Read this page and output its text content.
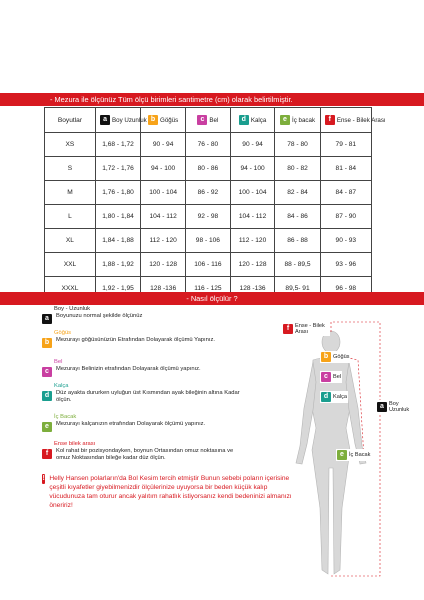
- Mezura ile ölçünüz Tüm ölçü birimleri santimetre (cm) olarak belirtilmiştir.
Boyutlar	a Boy Uzunluk	b Göğüs	c Bel	d Kalça	e İç bacak	f Ense - Bilek Arası

XS	1,68 - 1,72	90 - 94	76 - 80	90 - 94	78 - 80	79 - 81
S	1,72 - 1,76	94 - 100	80 - 86	94 - 100	80 - 82	81 - 84
M	1,76 - 1,80	100 - 104	86 - 92	100 - 104	82 - 84	84 - 87
L	1,80 - 1,84	104 - 112	92 - 98	104 - 112	84 - 86	87 - 90
XL	1,84 - 1,88	112 - 120	98 - 106	112 - 120	86 - 88	90 - 93
XXL	1,88 - 1,92	120 - 128	106 - 116	120 - 128	88 - 89,5	93 - 96
XXXL	1,92 - 1,95	128 -136	116 - 125	128 -136	89,5- 91	96 - 98
- Nasıl ölçülür ?
Boy - Uzunluk
a	Boyunuzu normal şekilde ölçünüz
Göğüs
b	Mezurayı göğüsünüzün Etrafından Dolayarak ölçümü Yapınız.
Bel
c	Mezurayı Belinizin etrafından Dolayarak ölçümü yapınız.
Kalça
d	Düz ayakta dururken uyluğun üst Kısmından ayak bileğinin altına Kadar ölçün.
İç Bacak
e	Mezurayı kalçanızın etrafından Dolayarak ölçümü yapınız.
Ense bilek arası
f	Kol rahat bir pozisyondayken, boynun Ortasından omuz noktasına ve omuz Noktasından bileğe kadar düz ölçün.
! Helly Hansen polarların'da Bol Kesim tercih etmiştir Bunun sebebi poların içerisine çeşitli kıyafetler giyebilmenizdir ölçülerinize uyuyorsa bir beden küçük kalıp vücudunuza tam oturur ancak yalıtım rahatlık istiyorsanız kendi bedeninizi almanızı öneririz!
f	Ense - Bilek Arası
b Göğüs
c Bel
d Kalça
e İç Bacak
a Boy Uzunluk
